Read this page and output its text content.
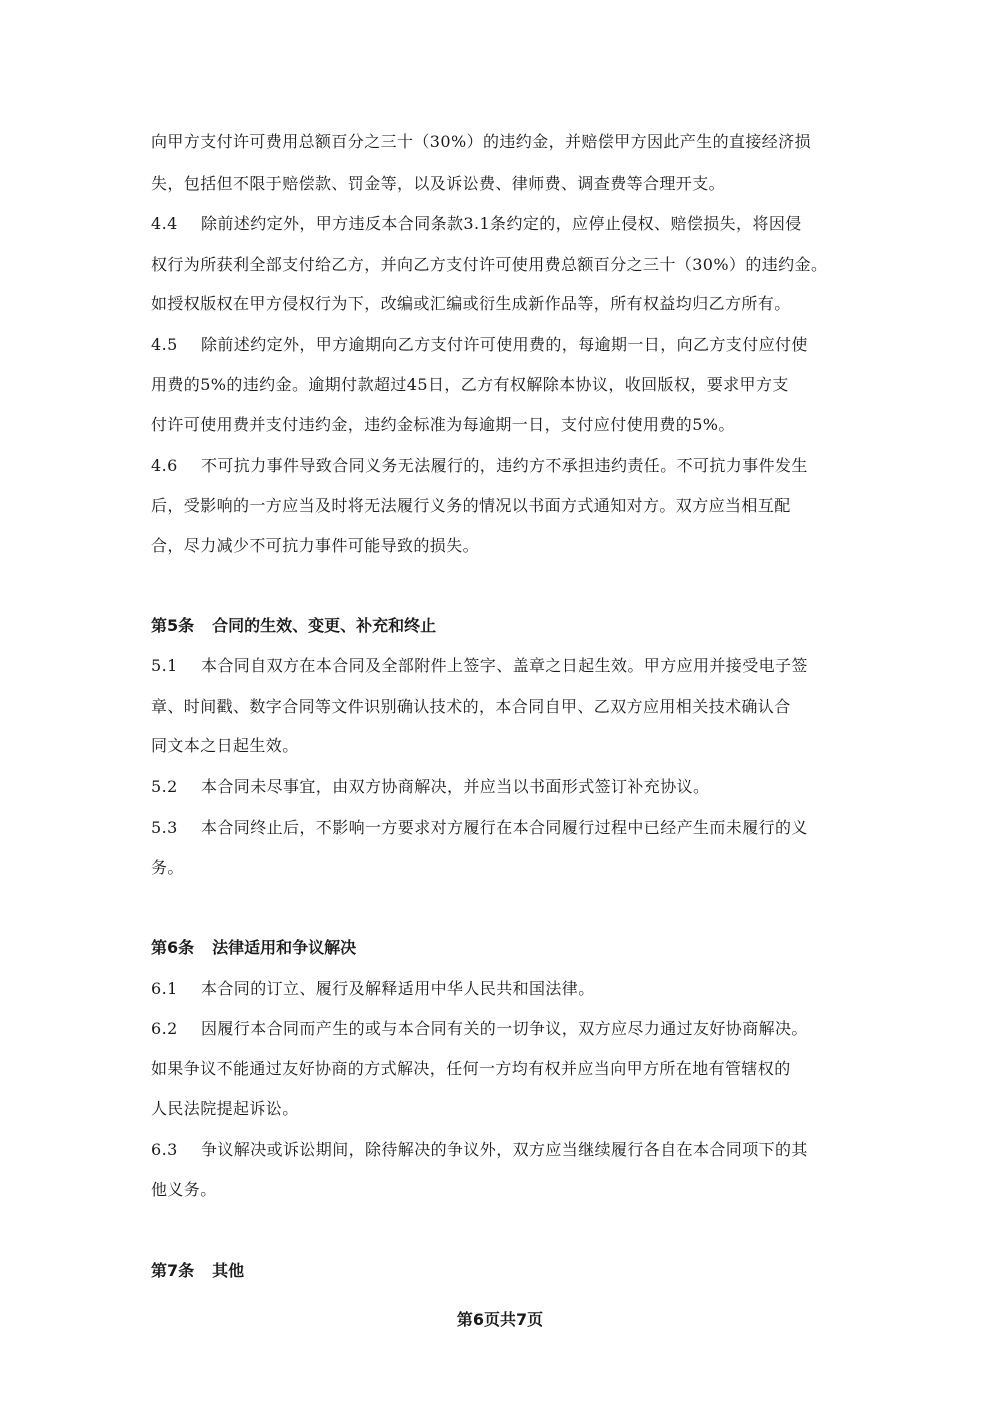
向甲方支付许可费用总额百分之三十（30%）的违约金，并赔偿甲方因此产生的直接经济损
失，包括但不限于赔偿款、罚金等，以及诉讼费、律师费、调查费等合理开支。
4.4 除前述约定外，甲方违反本合同条款3.1条约定的，应停止侵权、赔偿损失，将因侵
权行为所获利全部支付给乙方，并向乙方支付许可使用费总额百分之三十（30%）的违约金。
如授权版权在甲方侵权行为下，改编或汇编或衍生成新作品等，所有权益均归乙方所有。
4.5 除前述约定外，甲方逾期向乙方支付许可使用费的，每逾期一日，向乙方支付应付使
用费的5%的违约金。逾期付款超过45日，乙方有权解除本协议，收回版权，要求甲方支
付许可使用费并支付违约金，违约金标准为每逾期一日，支付应付使用费的5%。
4.6 不可抗力事件导致合同义务无法履行的，违约方不承担违约责任。不可抗力事件发生
后，受影响的一方应当及时将无法履行义务的情况以书面方式通知对方。双方应当相互配
合，尽力减少不可抗力事件可能导致的损失。
第5条 合同的生效、变更、补充和终止
5.1 本合同自双方在本合同及全部附件上签字、盖章之日起生效。甲方应用并接受电子签
章、时间戳、数字合同等文件识别确认技术的，本合同自甲、乙双方应用相关技术确认合
同文本之日起生效。
5.2 本合同未尽事宜，由双方协商解决，并应当以书面形式签订补充协议。
5.3 本合同终止后，不影响一方要求对方履行在本合同履行过程中已经产生而未履行的义
务。
第6条 法律适用和争议解决
6.1 本合同的订立、履行及解释适用中华人民共和国法律。
6.2 因履行本合同而产生的或与本合同有关的一切争议，双方应尽力通过友好协商解决。
如果争议不能通过友好协商的方式解决，任何一方均有权并应当向甲方所在地有管辖权的
人民法院提起诉讼。
6.3 争议解决或诉讼期间，除待解决的争议外，双方应当继续履行各自在本合同项下的其
他义务。
第7条 其他
第6页共7页
